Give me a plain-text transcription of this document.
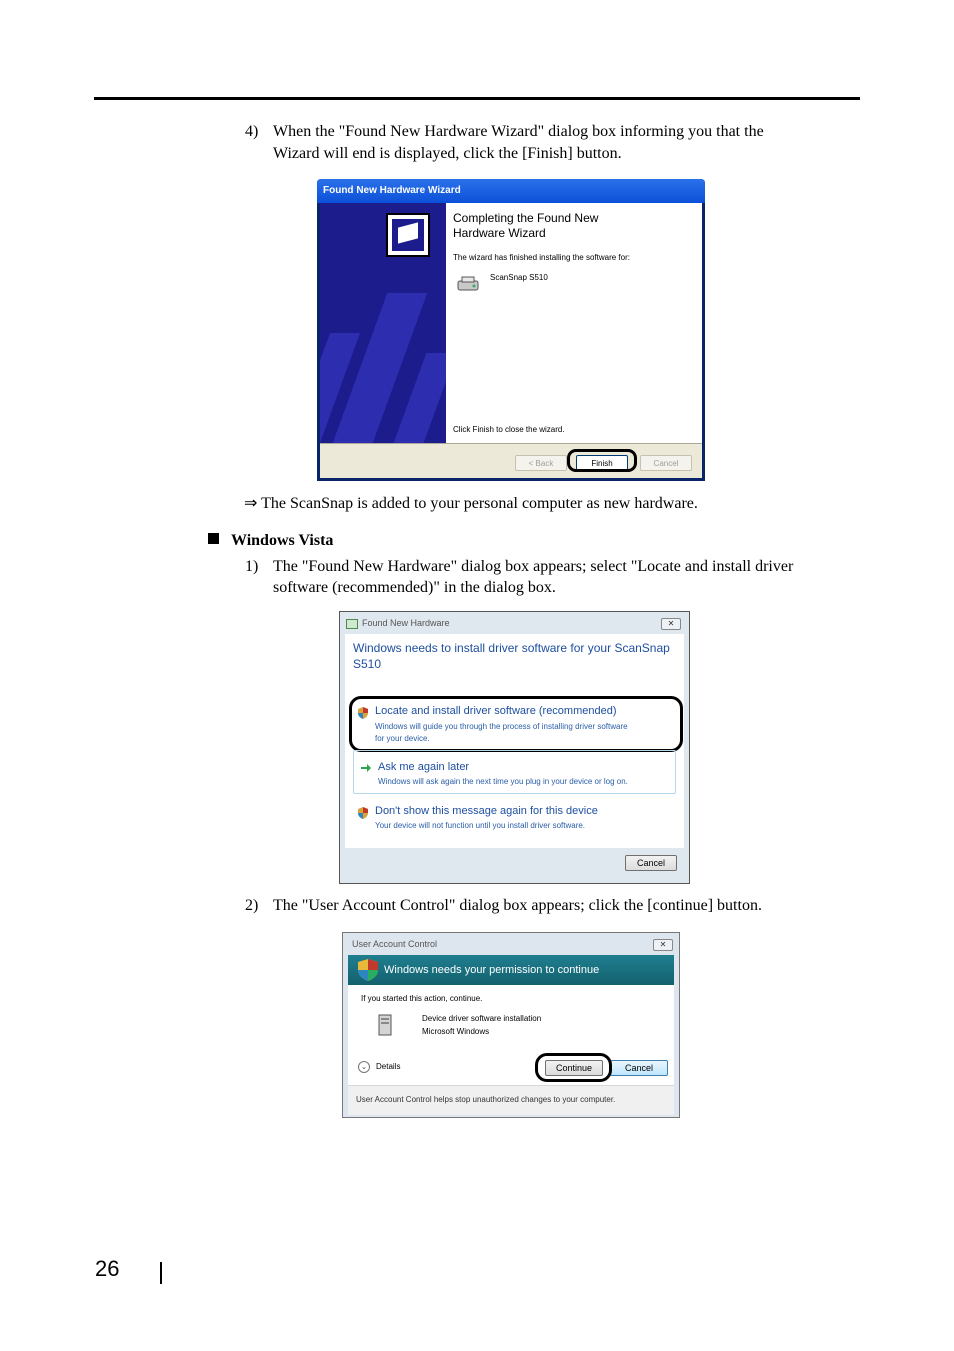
4) When the "Found New Hardware Wizard" dialog box informing you that the
Wizard will end is displayed, click the [Finish] button.
Found New Hardware Wizard
Completing the Found New
Hardware Wizard
The wizard has finished installing the software for:
ScanSnap S510
Click Finish to close the wizard.
< Back	Finish	Cancel
⇒ The ScanSnap is added to your personal computer as new hardware.
Windows Vista
1) The "Found New Hardware" dialog box appears; select "Locate and install driver
software (recommended)" in the dialog box.
Found New Hardware	✕
Windows needs to install driver software for your ScanSnap
S510
Locate and install driver software (recommended)
Windows will guide you through the process of installing driver software
for your device.
Ask me again later
Windows will ask again the next time you plug in your device or log on.
Don't show this message again for this device
Your device will not function until you install driver software.
Cancel
2) The "User Account Control" dialog box appears; click the [continue] button.
User Account Control	✕
Windows needs your permission to continue
If you started this action, continue.
Device driver software installation
Microsoft Windows
⌄	Details	Continue	Cancel
User Account Control helps stop unauthorized changes to your computer.
26
